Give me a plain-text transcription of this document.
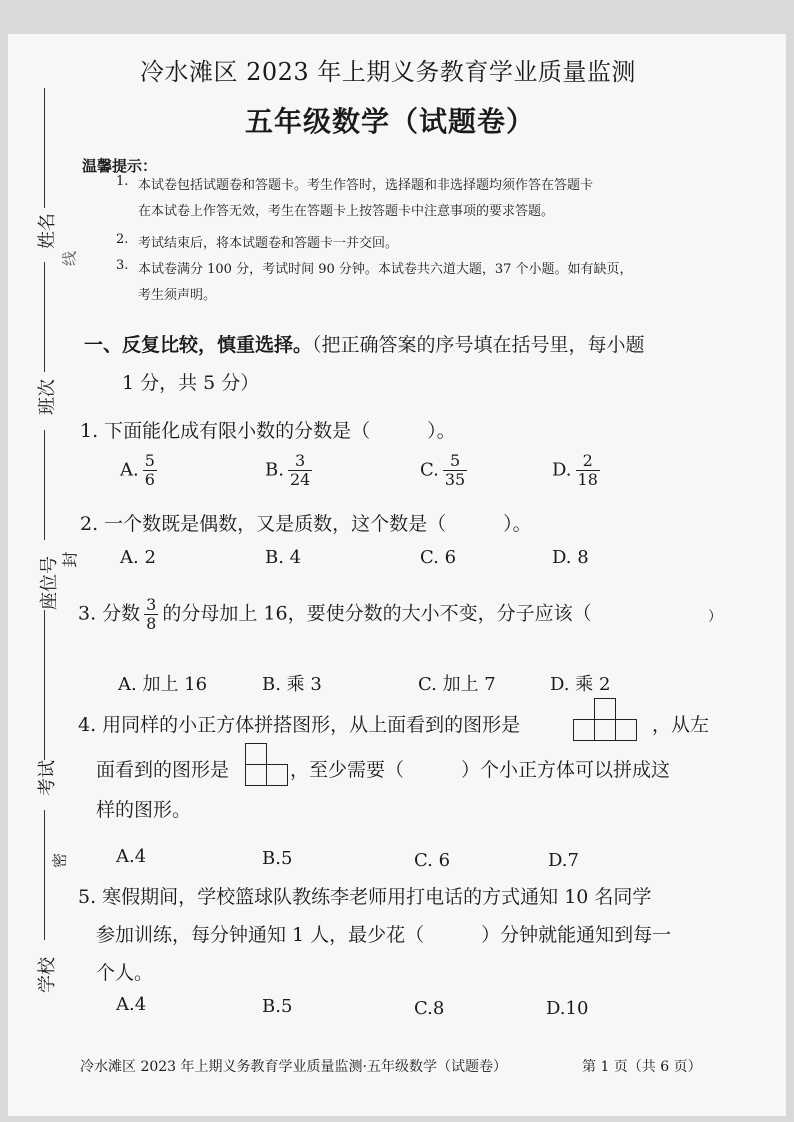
冷水滩区 2023 年上期义务教育学业质量监测
五年级数学（试题卷）
温馨提示：
1. 本试卷包括试题卷和答题卡。考生作答时，选择题和非选择题均须作答在答题卡
在本试卷上作答无效，考生在答题卡上按答题卡中注意事项的要求答题。
2. 考试结束后，将本试题卷和答题卡一并交回。
3. 本试卷满分 100 分，考试时间 90 分钟。本试卷共六道大题，37 个小题。如有缺页，
考生须声明。
一、反复比较，慎重选择。（把正确答案的序号填在括号里，每小题
1 分，共 5 分）
1. 下面能化成有限小数的分数是（　　　）。
A. $\frac{5}{6}$	B. $\frac{3}{24}$	C. $\frac{5}{35}$	D. $\frac{2}{18}$
2. 一个数既是偶数，又是质数，这个数是（　　　）。
A. 2	B. 4	C. 6	D. 8
3. 分数 $\frac{3}{8}$ 的分母加上 16，要使分数的大小不变，分子应该（	）
A. 加上 16	B. 乘 3	C. 加上 7	D. 乘 2
4. 用同样的小正方体拼搭图形，从上面看到的图形是	，从左
面看到的图形是	，至少需要（　　　）个小正方体可以拼成这
样的图形。
A.4	B.5	C. 6	D.7
5. 寒假期间，学校篮球队教练李老师用打电话的方式通知 10 名同学
参加训练，每分钟通知 1 人，最少花（　　　）分钟就能通知到每一
个人。
A.4	B.5	C.8	D.10
姓名
班次
座位号
考试
学校
线
封
密
冷水滩区 2023 年上期义务教育学业质量监测·五年级数学（试题卷）	第 1 页（共 6 页）
